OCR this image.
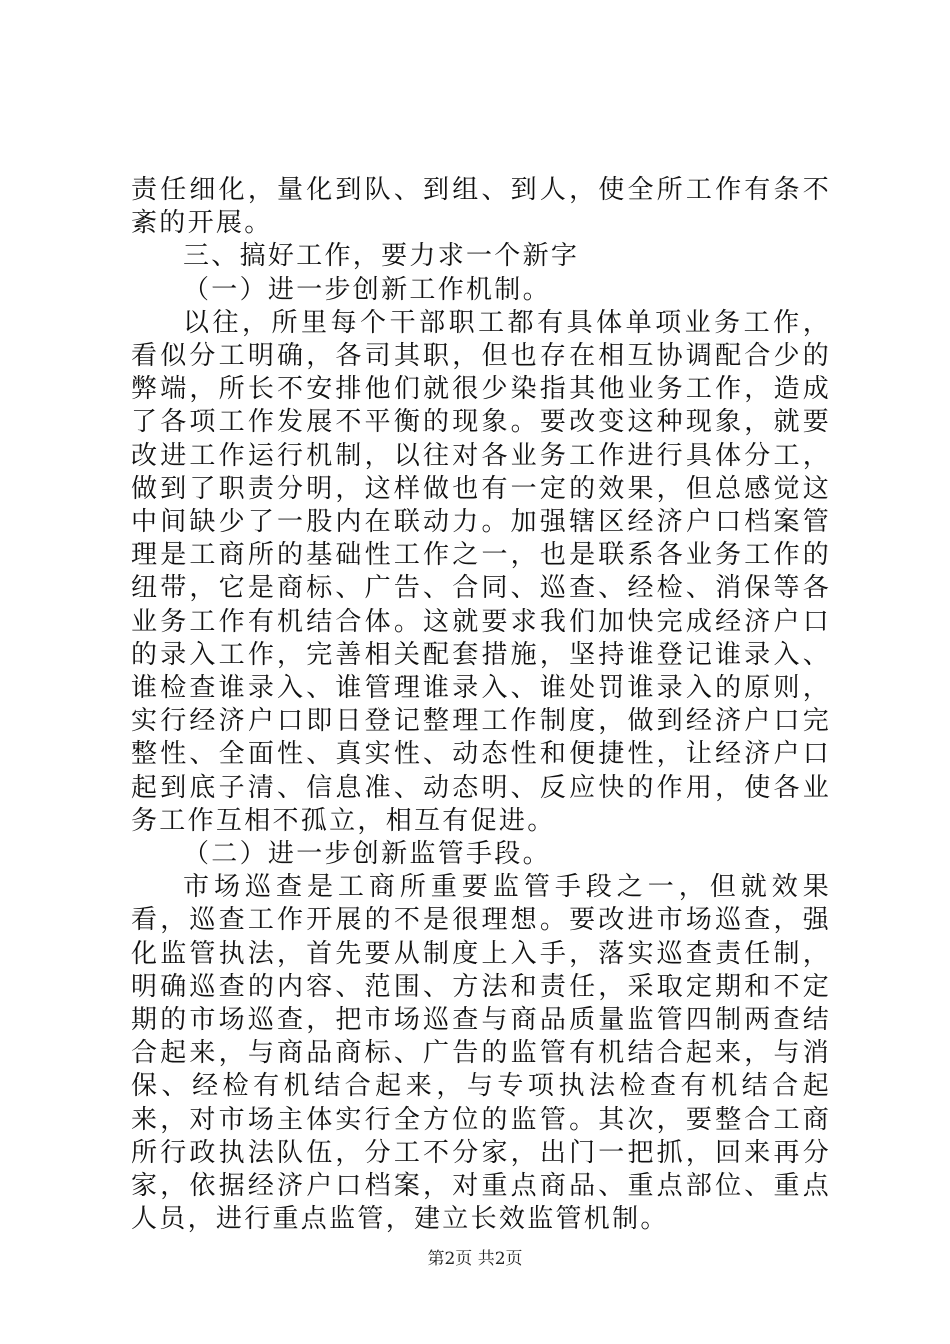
责任细化，量化到队、到组、到人，使全所工作有条不紊的开展。

三、搞好工作，要力求一个新字

（一）进一步创新工作机制。

以往，所里每个干部职工都有具体单项业务工作，看似分工明确，各司其职，但也存在相互协调配合少的弊端，所长不安排他们就很少染指其他业务工作，造成了各项工作发展不平衡的现象。要改变这种现象，就要改进工作运行机制，以往对各业务工作进行具体分工，做到了职责分明，这样做也有一定的效果，但总感觉这中间缺少了一股内在联动力。加强辖区经济户口档案管理是工商所的基础性工作之一，也是联系各业务工作的纽带，它是商标、广告、合同、巡查、经检、消保等各业务工作有机结合体。这就要求我们加快完成经济户口的录入工作，完善相关配套措施，坚持谁登记谁录入、谁检查谁录入、谁管理谁录入、谁处罚谁录入的原则，实行经济户口即日登记整理工作制度，做到经济户口完整性、全面性、真实性、动态性和便捷性，让经济户口起到底子清、信息准、动态明、反应快的作用，使各业务工作互相不孤立，相互有促进。

（二）进一步创新监管手段。

市场巡查是工商所重要监管手段之一，但就效果看，巡查工作开展的不是很理想。要改进市场巡查，强化监管执法，首先要从制度上入手，落实巡查责任制，明确巡查的内容、范围、方法和责任，采取定期和不定期的市场巡查，把市场巡查与商品质量监管四制两查结合起来，与商品商标、广告的监管有机结合起来，与消保、经检有机结合起来，与专项执法检查有机结合起来，对市场主体实行全方位的监管。其次，要整合工商所行政执法队伍，分工不分家，出门一把抓，回来再分家，依据经济户口档案，对重点商品、重点部位、重点人员，进行重点监管，建立长效监管机制。

第2页 共2页
